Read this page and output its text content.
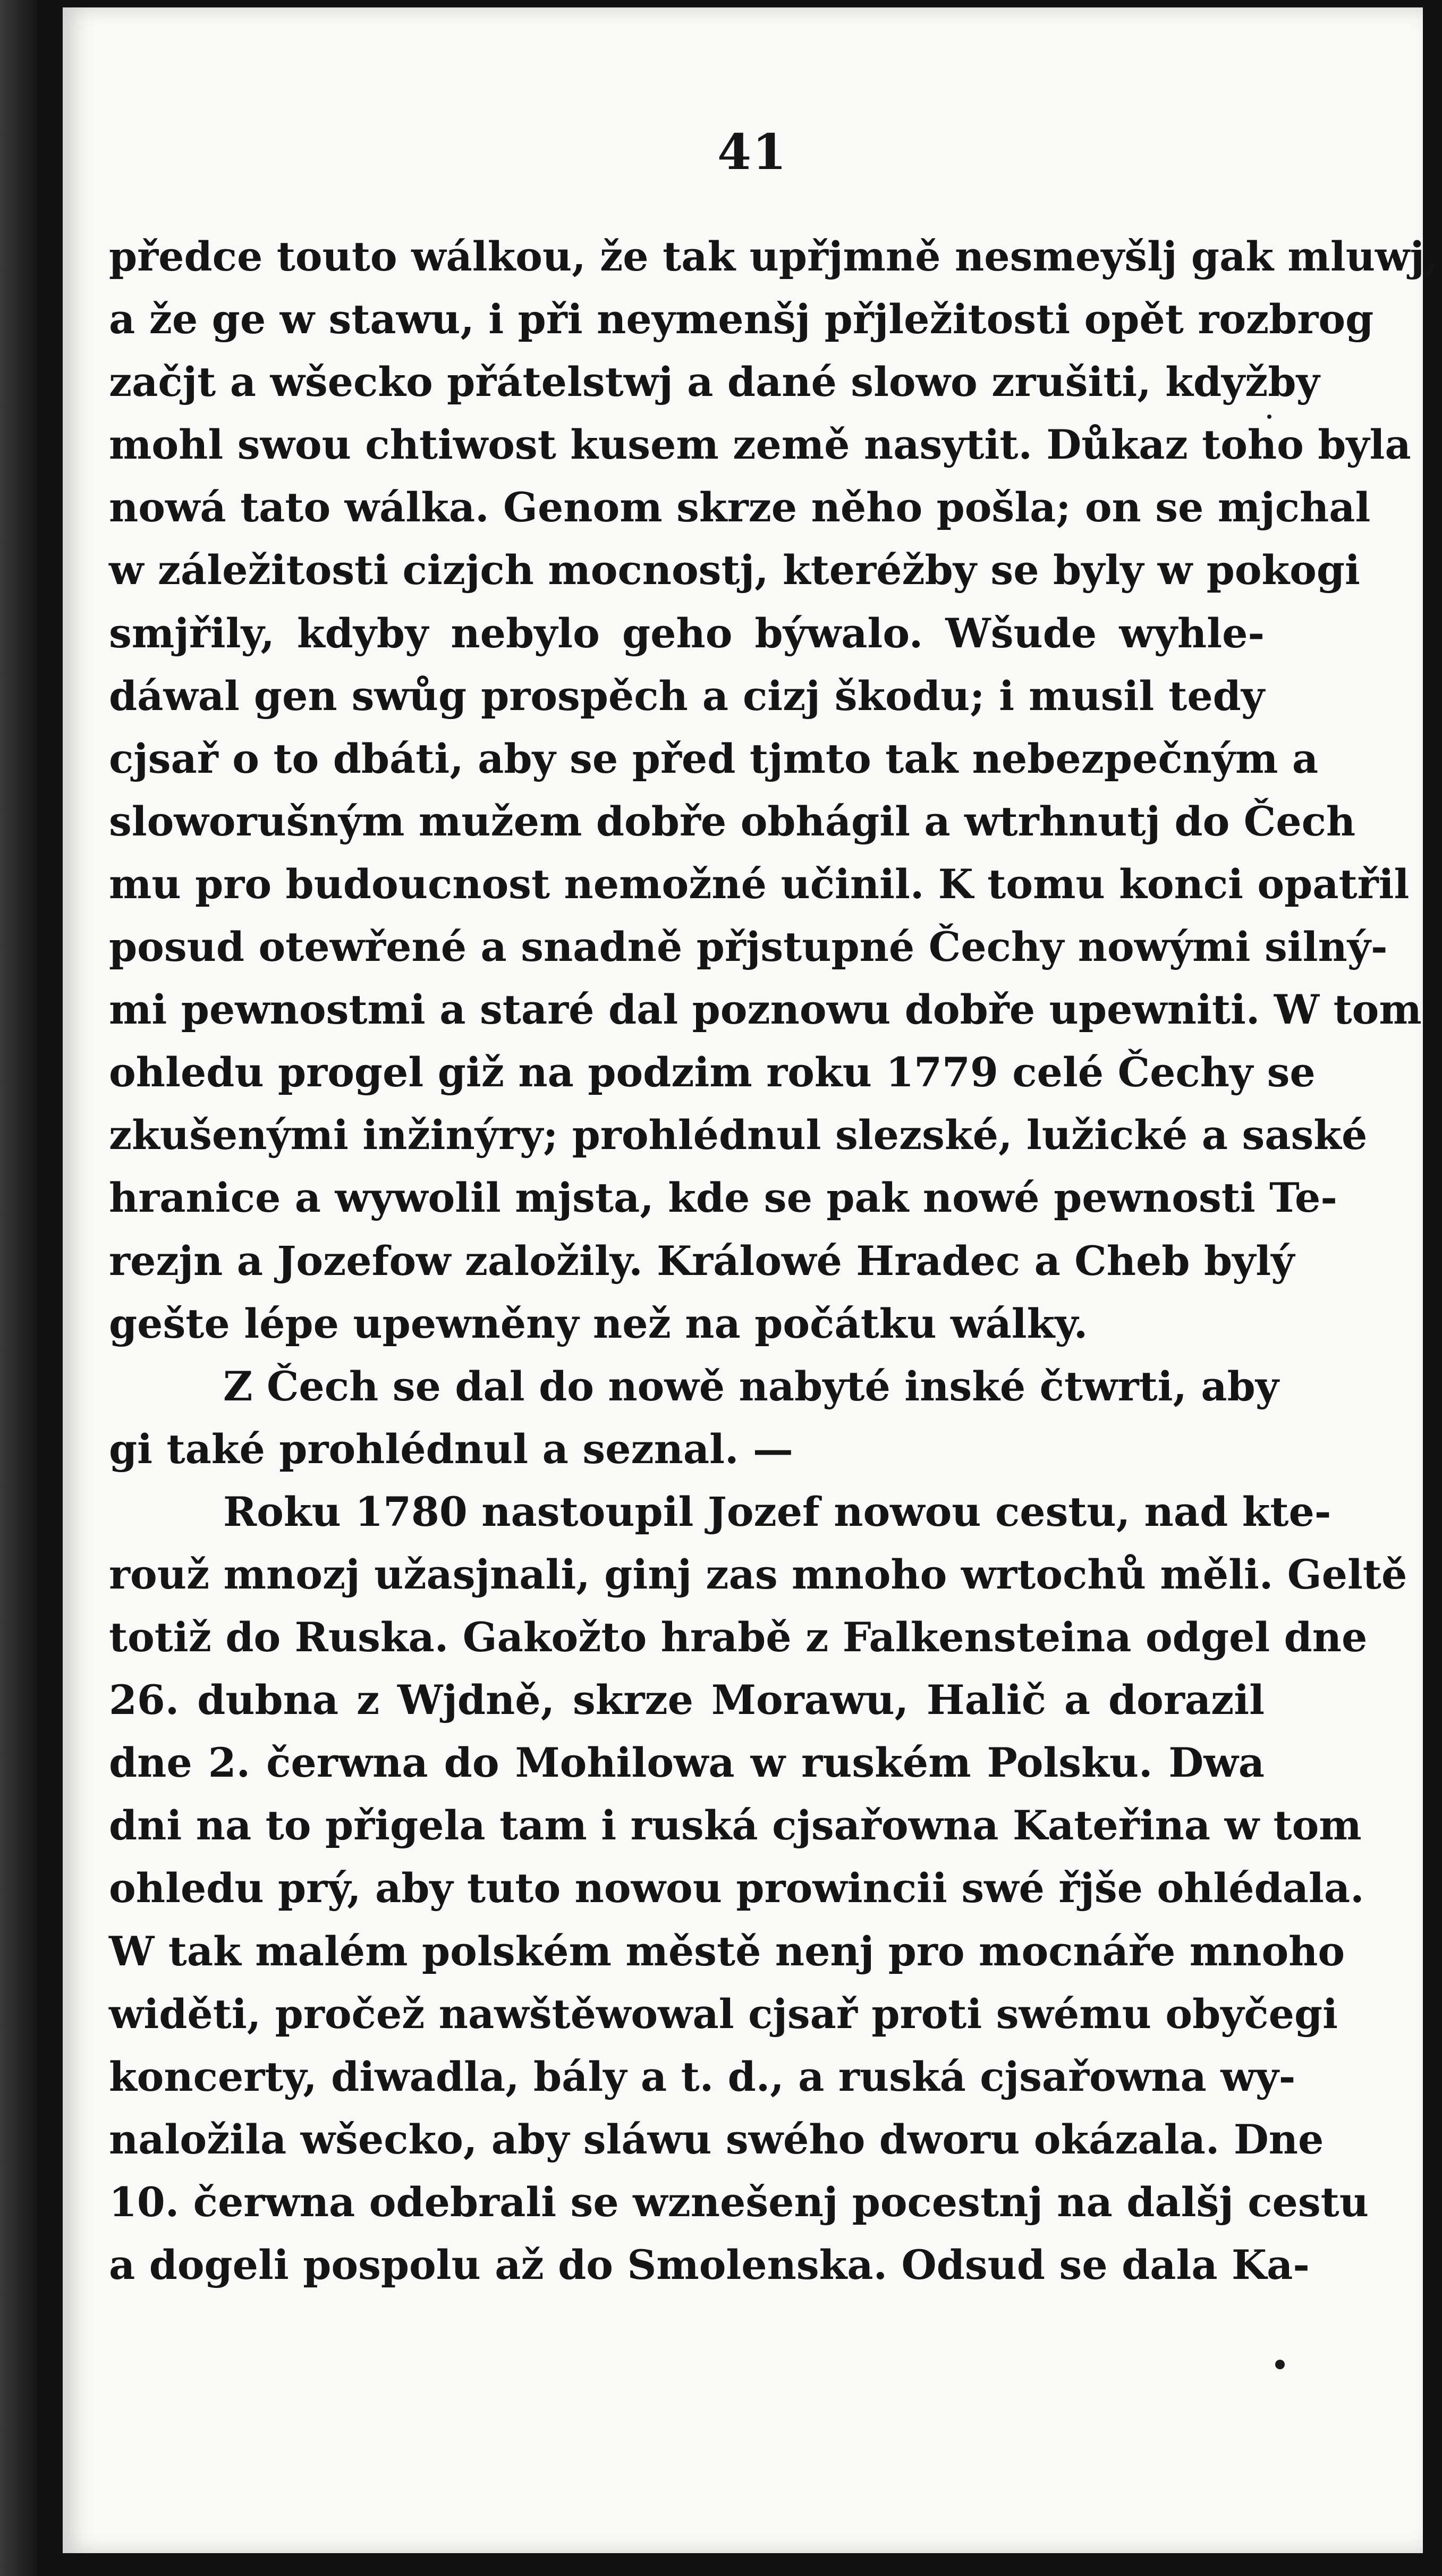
41
předce touto wálkou, že tak upřjmně nesmeyšlj gak mluwj,
a že ge w stawu, i při neymenšj přjležitosti opět rozbrog
začjt a wšecko přátelstwj a dané slowo zrušiti, kdyžby
mohl swou chtiwost kusem země nasytit. Důkaz toho byla
nowá tato wálka. Genom skrze něho pošla; on se mjchal
w záležitosti cizjch mocnostj, kteréžby se byly w pokogi
smjřily, kdyby nebylo geho býwalo. Wšude wyhle-
dáwal gen swůg prospěch a cizj škodu; i musil tedy
cjsař o to dbáti, aby se před tjmto tak nebezpečným a
sloworušným mužem dobře obhágil a wtrhnutj do Čech
mu pro budoucnost nemožné učinil. K tomu konci opatřil
posud otewřené a snadně přjstupné Čechy nowými silný-
mi pewnostmi a staré dal poznowu dobře upewniti. W tom
ohledu progel giž na podzim roku 1779 celé Čechy se
zkušenými inžinýry; prohlédnul slezské, lužické a saské
hranice a wywolil mjsta, kde se pak nowé pewnosti Te-
rezjn a Jozefow založily. Králowé Hradec a Cheb bylý
gešte lépe upewněny než na počátku wálky.
Z Čech se dal do nowě nabyté inské čtwrti, aby
gi také prohlédnul a seznal. —
Roku 1780 nastoupil Jozef nowou cestu, nad kte-
rouž mnozj užasjnali, ginj zas mnoho wrtochů měli. Geltě
totiž do Ruska. Gakožto hrabě z Falkensteina odgel dne
26. dubna z Wjdně, skrze Morawu, Halič a dorazil
dne 2. čerwna do Mohilowa w ruském Polsku. Dwa
dni na to přigela tam i ruská cjsařowna Kateřina w tom
ohledu prý, aby tuto nowou prowincii swé řjše ohlédala.
W tak malém polském městě nenj pro mocnáře mnoho
widěti, pročež nawštěwowal cjsař proti swému obyčegi
koncerty, diwadla, bály a t. d., a ruská cjsařowna wy-
naložila wšecko, aby sláwu swého dworu okázala. Dne
10. čerwna odebrali se wznešenj pocestnj na dalšj cestu
a dogeli pospolu až do Smolenska. Odsud se dala Ka-
